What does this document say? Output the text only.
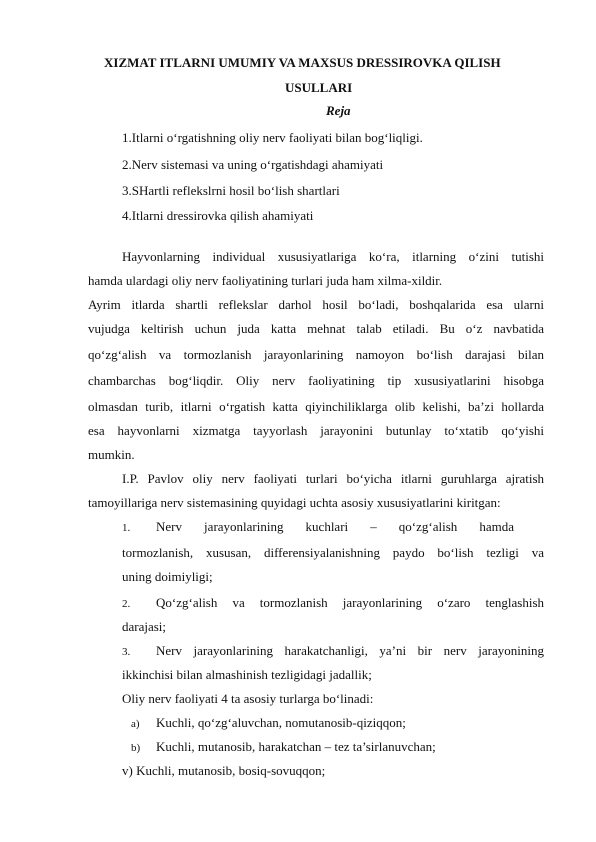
XIZMAT ITLARNI UMUMIY VA MAXSUS DRESSIROVKA QILISH
USULLARI
Reja
1.Itlarni o‘rgatishning oliy nerv faoliyati bilan bog‘liqligi.
2.Nerv sistemasi va uning o‘rgatishdagi ahamiyati
3.SHartli reflekslrni hosil bo‘lish shartlari
4.Itlarni dressirovka qilish ahamiyati
Hayvonlarning individual xususiyatlariga ko‘ra, itlarning o‘zini tutishi
hamda ulardagi oliy nerv faoliyatining turlari juda ham xilma-xildir.
Ayrim itlarda shartli reflekslar darhol hosil bo‘ladi, boshqalarida esa ularni
vujudga keltirish uchun juda katta mehnat talab etiladi. Bu o‘z navbatida
qo‘zg‘alish va tormozlanish jarayonlarining namoyon bo‘lish darajasi bilan
chambarchas bog‘liqdir. Oliy nerv faoliyatining tip xususiyatlarini hisobga
olmasdan turib, itlarni o‘rgatish katta qiyinchiliklarga olib kelishi, ba’zi hollarda
esa hayvonlarni xizmatga tayyorlash jarayonini butunlay to‘xtatib qo‘yishi
mumkin.
I.P. Pavlov oliy nerv faoliyati turlari bo‘yicha itlarni guruhlarga ajratish
tamoyillariga nerv sistemasining quyidagi uchta asosiy xususiyatlarini kiritgan:
1. Nerv jarayonlarining kuchlari – qo‘zg‘alish hamda
tormozlanish, xususan, differensiyalanishning paydo bo‘lish tezligi va
uning doimiyligi;
2. Qo‘zg‘alish va tormozlanish jarayonlarining o‘zaro tenglashish
darajasi;
3. Nerv jarayonlarining harakatchanligi, ya’ni bir nerv jarayonining
ikkinchisi bilan almashinish tezligidagi jadallik;
Oliy nerv faoliyati 4 ta asosiy turlarga bo‘linadi:
a) Kuchli, qo‘zg‘aluvchan, nomutanosib-qiziqqon;
b) Kuchli, mutanosib, harakatchan – tez ta’sirlanuvchan;
v) Kuchli, mutanosib, bosiq-sovuqqon;
